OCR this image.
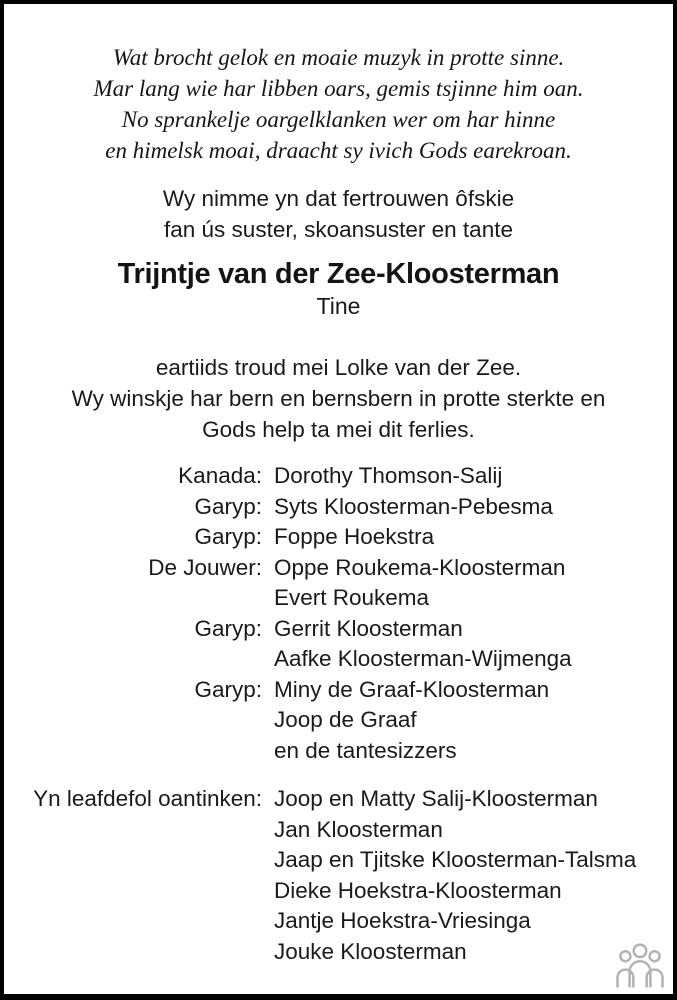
Wat brocht gelok en moaie muzyk in protte sinne.
Mar lang wie har libben oars, gemis tsjinne him oan.
No sprankelje oargelklanken wer om har hinne
en himelsk moai, draacht sy ivich Gods earekroan.
Wy nimme yn dat fertrouwen ôfskie
fan ús suster, skoansuster en tante
Trijntje van der Zee-Kloosterman
Tine
eartiids troud mei Lolke van der Zee.
Wy winskje har bern en bernsbern in protte sterkte en
Gods help ta mei dit ferlies.
Kanada: Dorothy Thomson-Salij
Garyp: Syts Kloosterman-Pebesma
Garyp: Foppe Hoekstra
De Jouwer: Oppe Roukema-Kloosterman
Evert Roukema
Garyp: Gerrit Kloosterman
Aafke Kloosterman-Wijmenga
Garyp: Miny de Graaf-Kloosterman
Joop de Graaf
en de tantesizzers
Yn leafdefol oantinken: Joop en Matty Salij-Kloosterman
Jan Kloosterman
Jaap en Tjitske Kloosterman-Talsma
Dieke Hoekstra-Kloosterman
Jantje Hoekstra-Vriesinga
Jouke Kloosterman
